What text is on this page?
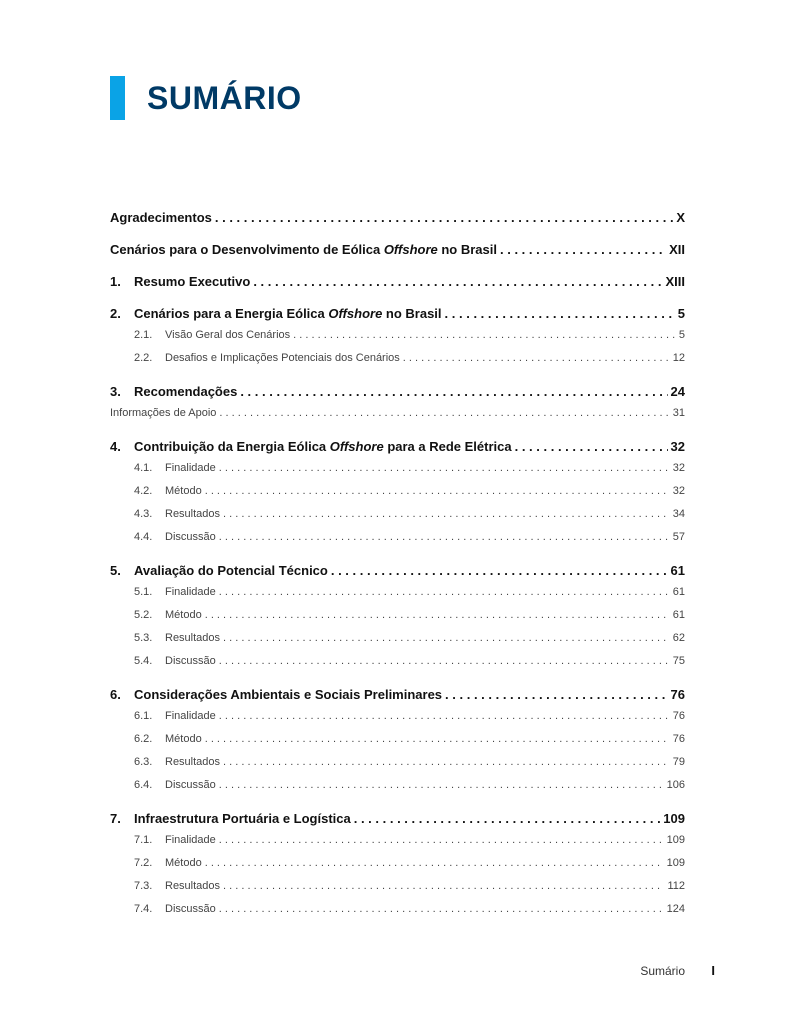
SUMÁRIO
Agradecimentos . . .	X
Cenários para o Desenvolvimento de Eólica Offshore no Brasil . . .	XII
1.	Resumo Executivo . . .	XIII
2.	Cenários para a Energia Eólica Offshore no Brasil . . .	5
2.1.	Visão Geral dos Cenários . . .	5
2.2.	Desafios e Implicações Potenciais dos Cenários . . .	12
3.	Recomendações . . .	24
Informações de Apoio . . .	31
4.	Contribuição da Energia Eólica Offshore para a Rede Elétrica . . .	32
4.1.	Finalidade . . .	32
4.2.	Método . . .	32
4.3.	Resultados . . .	34
4.4.	Discussão . . .	57
5.	Avaliação do Potencial Técnico . . .	61
5.1.	Finalidade . . .	61
5.2.	Método . . .	61
5.3.	Resultados . . .	62
5.4.	Discussão . . .	75
6.	Considerações Ambientais e Sociais Preliminares . . .	76
6.1.	Finalidade . . .	76
6.2.	Método . . .	76
6.3.	Resultados . . .	79
6.4.	Discussão . . .	106
7.	Infraestrutura Portuária e Logística . . .	109
7.1.	Finalidade . . .	109
7.2.	Método . . .	109
7.3.	Resultados . . .	112
7.4.	Discussão . . .	124
Sumário I
